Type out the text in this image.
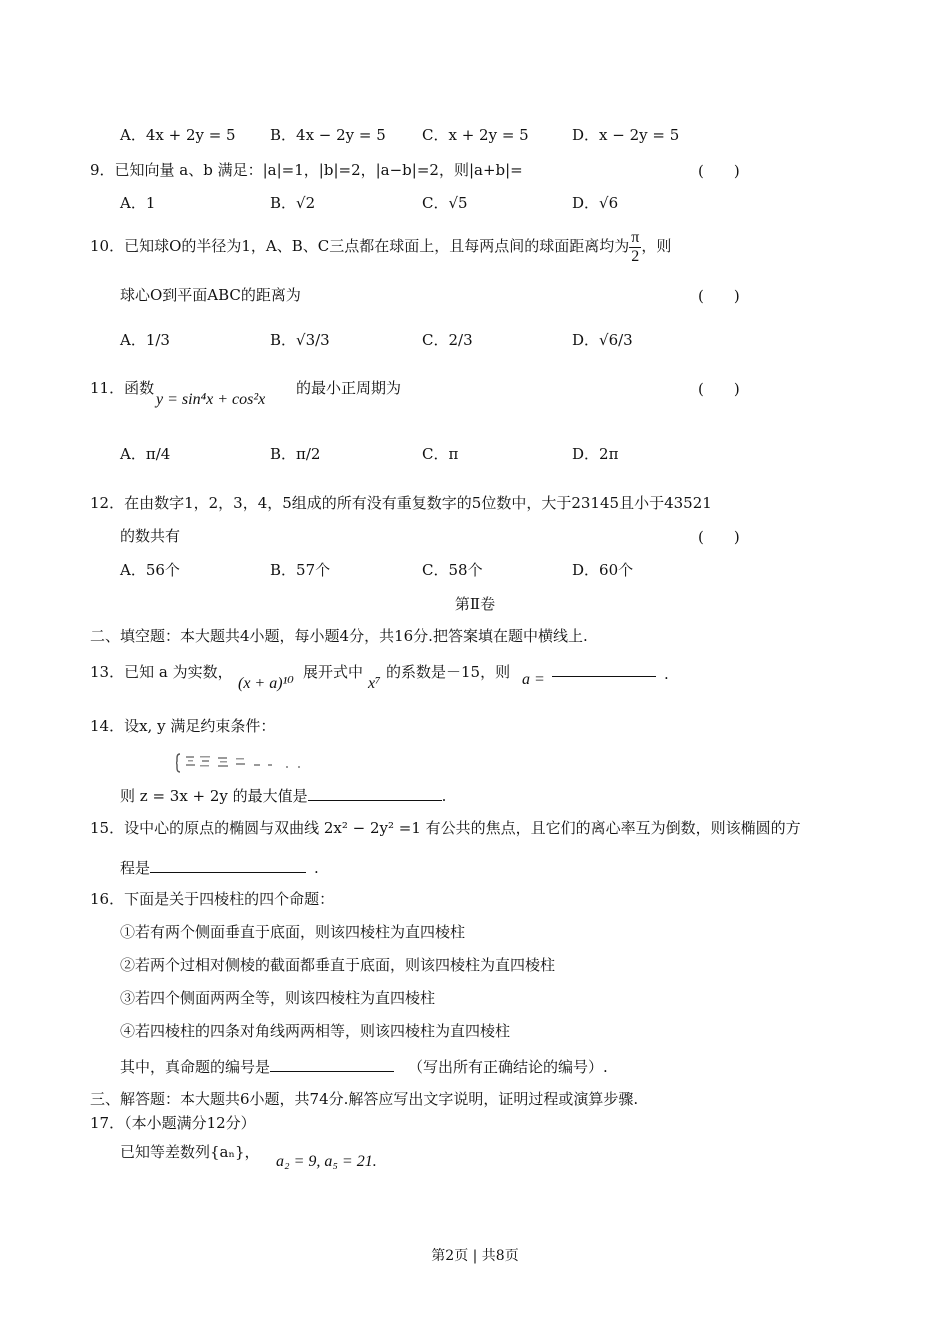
A．4x + 2y = 5 B．4x − 2y = 5 C．x + 2y = 5	D．x − 2y = 5
9．已知向量 a、b 满足：|a|=1，|b|=2，|a−b|=2，则|a+b|=	(　　)
A．1	B．√2	C．√5	D．√6
10．已知球O的半径为1，A、B、C三点都在球面上，且每两点间的球面距离均为 $\frac{\pi}{2}$ ，则
球心O到平面ABC的距离为	(　　)
A．1/3	B．√3/3	C．2/3	D．√6/3
11．函数
y = sin⁴x + cos²x
的最小正周期为	(　　)
A．π/4	B．π/2	C．π	D．2π
12．在由数字1，2，3，4，5组成的所有没有重复数字的5位数中，大于23145且小于43521
的数共有	(　　)
A．56个	B．57个	C．58个	D．60个
第Ⅱ卷
二、填空题：本大题共4小题，每小题4分，共16分.把答案填在题中横线上.
13．已知 a 为实数，
(x + a)¹⁰
展开式中
x⁷
的系数是－15，则 a =	.
14．设x, y 满足约束条件：
则 z = 3x + 2y 的最大值是	.
15．设中心的原点的椭圆与双曲线 2x² − 2y² =1 有公共的焦点，且它们的离心率互为倒数，则该椭圆的方
程是	.
16．下面是关于四棱柱的四个命题：
①若有两个侧面垂直于底面，则该四棱柱为直四棱柱
②若两个过相对侧棱的截面都垂直于底面，则该四棱柱为直四棱柱
③若四个侧面两两全等，则该四棱柱为直四棱柱
④若四棱柱的四条对角线两两相等，则该四棱柱为直四棱柱
其中，真命题的编号是	（写出所有正确结论的编号）.
三、解答题：本大题共6小题，共74分.解答应写出文字说明，证明过程或演算步骤.
17．（本小题满分12分）
已知等差数列{aₙ}，
a₂ = 9, a₅ = 21.
第2页 | 共8页
